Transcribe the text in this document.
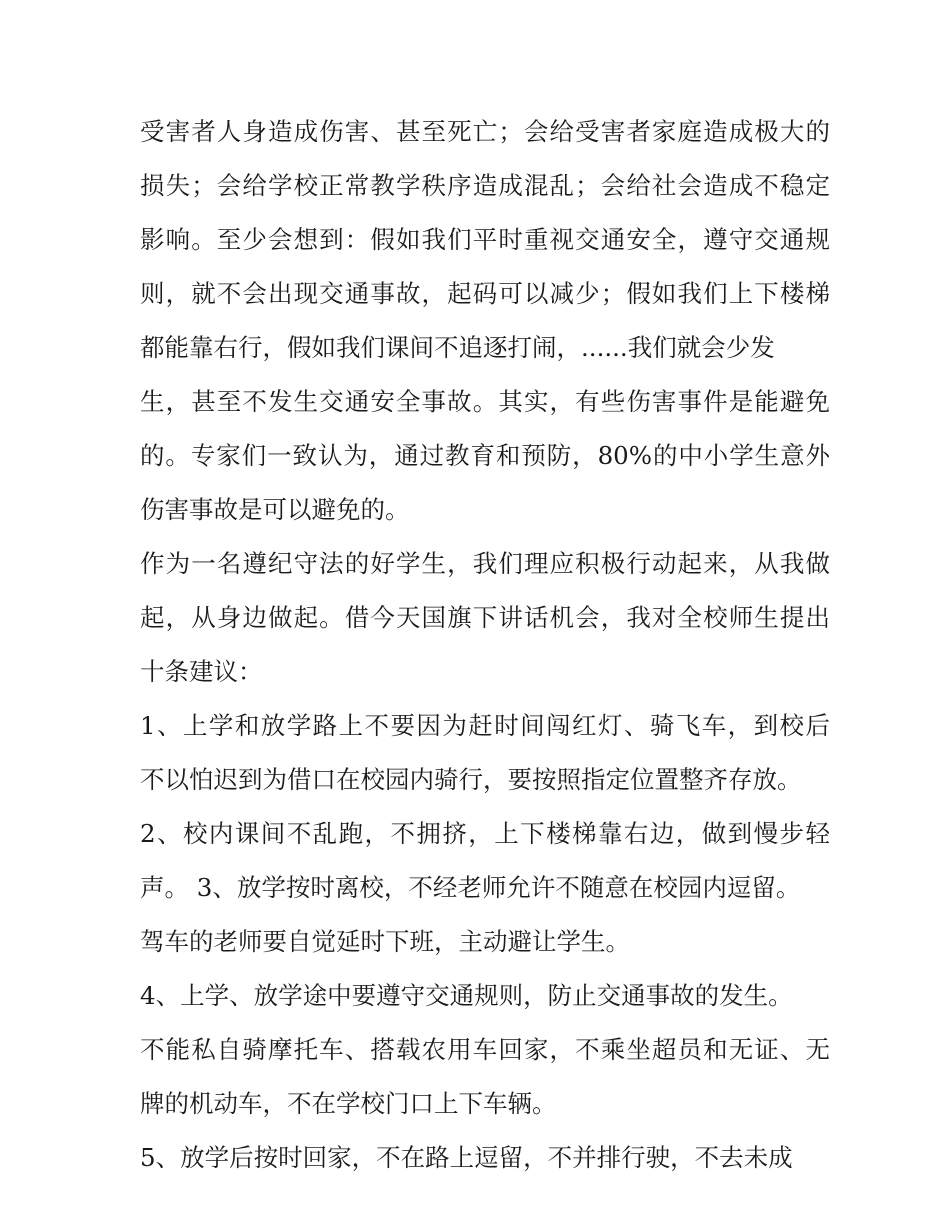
受害者人身造成伤害、甚至死亡；会给受害者家庭造成极大的
损失；会给学校正常教学秩序造成混乱；会给社会造成不稳定
影响。至少会想到：假如我们平时重视交通安全，遵守交通规
则，就不会出现交通事故，起码可以减少；假如我们上下楼梯
都能靠右行，假如我们课间不追逐打闹，......我们就会少发
生，甚至不发生交通安全事故。其实，有些伤害事件是能避免
的。专家们一致认为，通过教育和预防，80%的中小学生意外
伤害事故是可以避免的。
作为一名遵纪守法的好学生，我们理应积极行动起来，从我做
起，从身边做起。借今天国旗下讲话机会，我对全校师生提出
十条建议：
1、上学和放学路上不要因为赶时间闯红灯、骑飞车，到校后
不以怕迟到为借口在校园内骑行，要按照指定位置整齐存放。
2、校内课间不乱跑，不拥挤，上下楼梯靠右边，做到慢步轻
声。 3、放学按时离校，不经老师允许不随意在校园内逗留。
驾车的老师要自觉延时下班，主动避让学生。
4、上学、放学途中要遵守交通规则，防止交通事故的发生。
不能私自骑摩托车、搭载农用车回家，不乘坐超员和无证、无
牌的机动车，不在学校门口上下车辆。
5、放学后按时回家，不在路上逗留，不并排行驶，不去未成
